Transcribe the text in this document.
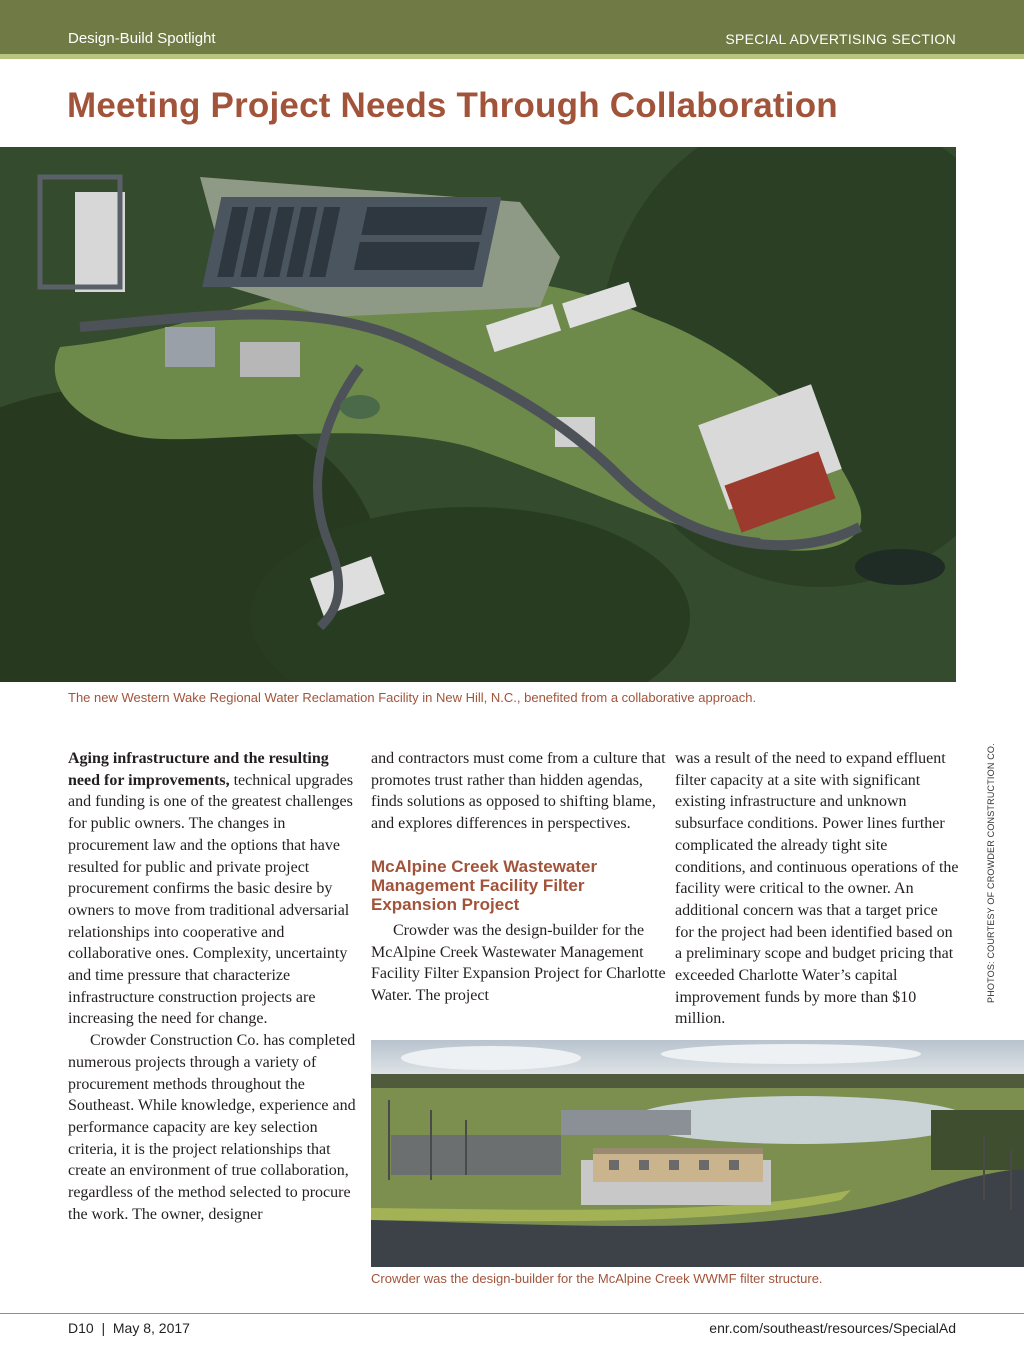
Design-Build Spotlight	SPECIAL ADVERTISING SECTION
Meeting Project Needs Through Collaboration
The new Western Wake Regional Water Reclamation Facility in New Hill, N.C., benefited from a collaborative approach.

Aging infrastructure and the resulting need for improvements, technical upgrades and funding is one of the greatest challenges for public owners. The changes in procurement law and the options that have resulted for public and private project procurement confirms the basic desire by owners to move from traditional adversarial relationships into cooperative and collaborative ones. Complexity, uncertainty and time pressure that characterize infrastructure construction projects are increasing the need for change.

Crowder Construction Co. has completed numerous projects through a variety of procurement methods throughout the Southeast. While knowledge, experience and performance capacity are key selection criteria, it is the project relationships that create an environment of true collaboration, regardless of the method selected to procure the work. The owner, designer

and contractors must come from a culture that promotes trust rather than hidden agendas, finds solutions as opposed to shifting blame, and explores differences in perspectives.

McAlpine Creek Wastewater Management Facility Filter Expansion Project

Crowder was the design-builder for the McAlpine Creek Wastewater Management Facility Filter Expansion Project for Charlotte Water. The project

was a result of the need to expand effluent filter capacity at a site with significant existing infrastructure and unknown subsurface conditions. Power lines further complicated the already tight site conditions, and continuous operations of the facility were critical to the owner. An additional concern was that a target price for the project had been identified based on a preliminary scope and budget pricing that exceeded Charlotte Water’s capital improvement funds by more than $10 million.

PHOTOS: COURTESY OF CROWDER CONSTRUCTION CO.
Crowder was the design-builder for the McAlpine Creek WWMF filter structure.
D10  |  May 8, 2017	enr.com/southeast/resources/SpecialAd
